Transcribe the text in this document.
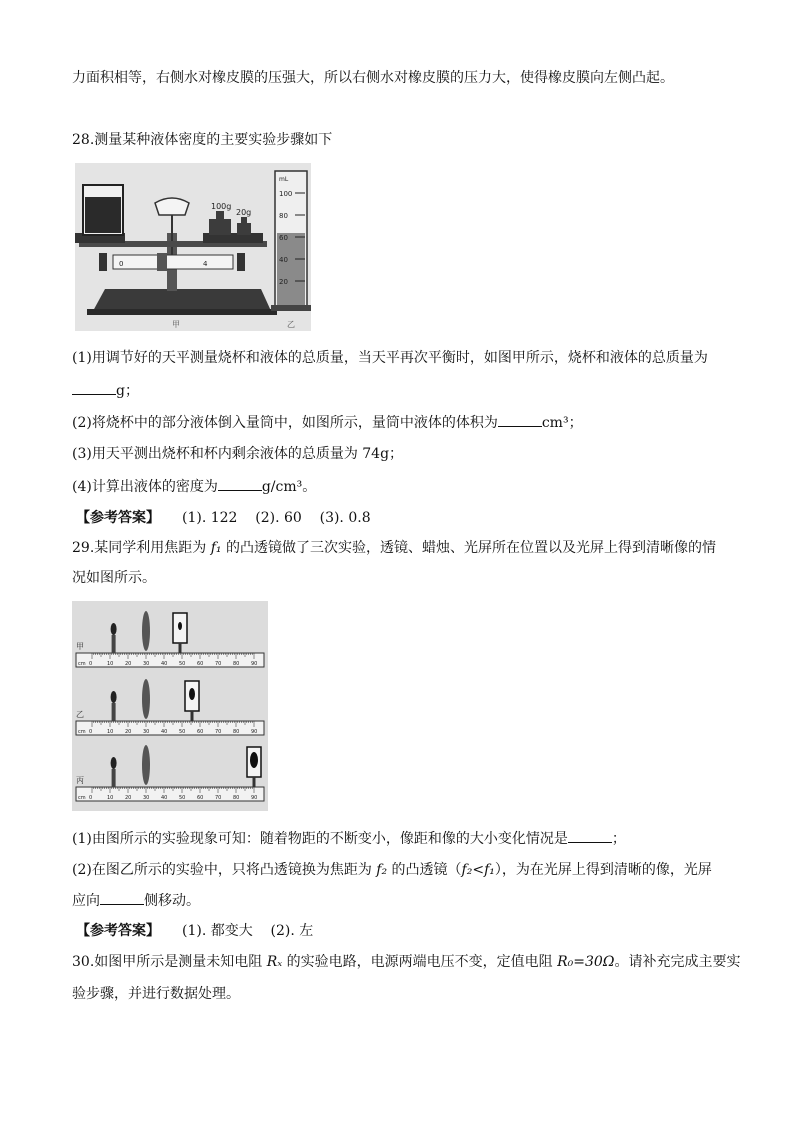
力面积相等，右侧水对橡皮膜的压强大，所以右侧水对橡皮膜的压力大，使得橡皮膜向左侧凸起。
28.测量某种液体密度的主要实验步骤如下
100g
20g
0	4
甲
mL
100
80
60
40
20
乙
(1)用调节好的天平测量烧杯和液体的总质量，当天平再次平衡时，如图甲所示，烧杯和液体的总质量为
g；
(2)将烧杯中的部分液体倒入量筒中，如图所示，量筒中液体的体积为	cm³；
(3)用天平测出烧杯和杯内剩余液体的总质量为 74g；
(4)计算出液体的密度为	g/cm³。
【参考答案】 (1). 122    (2). 60    (3). 0.8
29.某同学利用焦距为 f₁ 的凸透镜做了三次实验，透镜、蜡烛、光屏所在位置以及光屏上得到清晰像的情
况如图所示。
0	10 20 30 40 50 60 70 80 90
cm
甲
0	10 20 30 40 50 60 70 80 90
cm
乙
0	10 20 30 40 50 60 70 80 90
cm
丙
(1)由图所示的实验现象可知：随着物距的不断变小，像距和像的大小变化情况是	；
(2)在图乙所示的实验中，只将凸透镜换为焦距为 f₂ 的凸透镜（f₂<f₁），为在光屏上得到清晰的像，光屏
应向	侧移动。
【参考答案】 (1). 都变大    (2). 左
30.如图甲所示是测量未知电阻 Rₓ 的实验电路，电源两端电压不变，定值电阻 R₀=30Ω。请补充完成主要实
验步骤，并进行数据处理。
